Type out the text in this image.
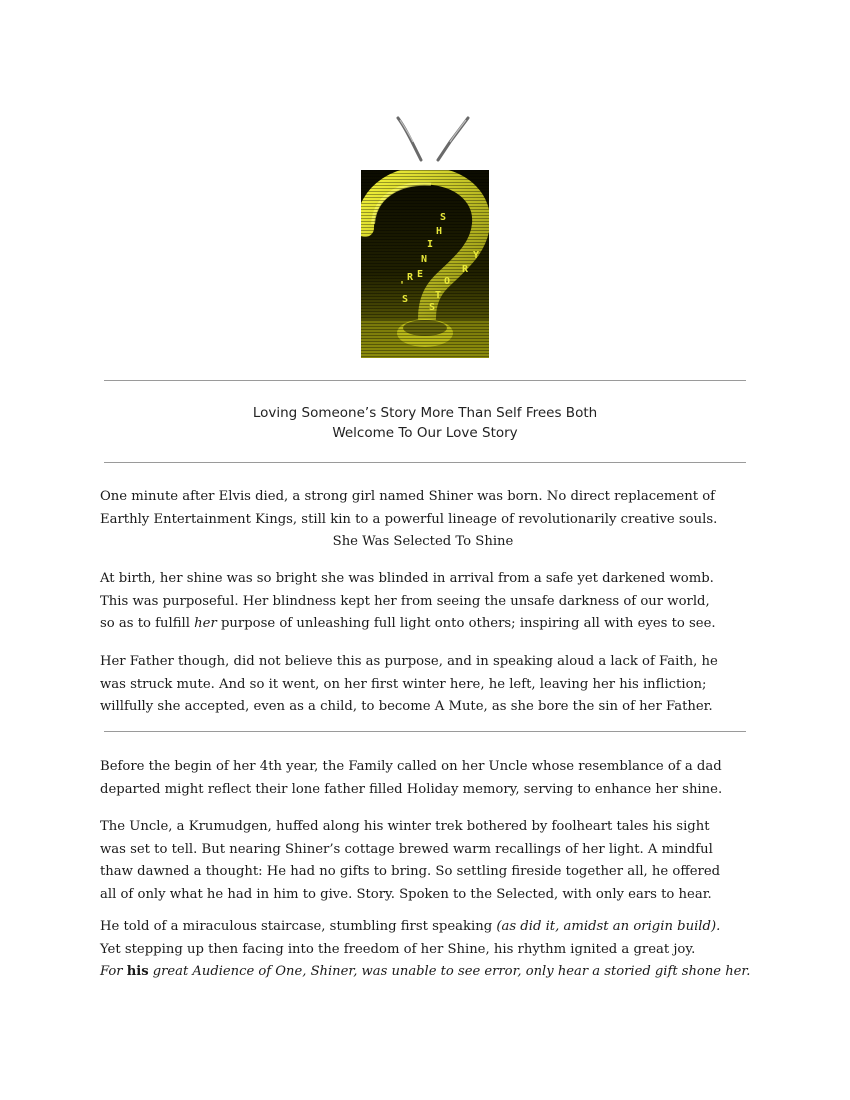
S
H
I
N
E
R
'
S
Y
R
O
T
S
Loving Someone’s Story More Than Self Frees Both
Welcome To Our Love Story
One minute after Elvis died, a strong girl named Shiner was born. No direct replacement of
Earthly Entertainment Kings, still kin to a powerful lineage of revolutionarily creative souls.
She Was Selected To Shine
At birth, her shine was so bright she was blinded in arrival from a safe yet darkened womb.
This was purposeful. Her blindness kept her from seeing the unsafe darkness of our world,
so as to fulfill her purpose of unleashing full light onto others; inspiring all with eyes to see.
Her Father though, did not believe this as purpose, and in speaking aloud a lack of Faith, he
was struck mute. And so it went, on her first winter here, he left, leaving her his infliction;
willfully she accepted, even as a child, to become A Mute, as she bore the sin of her Father.
Before the begin of her 4th year, the Family called on her Uncle whose resemblance of a dad
departed might reflect their lone father filled Holiday memory, serving to enhance her shine.
The Uncle, a Krumudgen, huffed along his winter trek bothered by foolheart tales his sight
was set to tell. But nearing Shiner’s cottage brewed warm recallings of her light. A mindful
thaw dawned a thought: He had no gifts to bring. So settling fireside together all, he offered
all of only what he had in him to give. Story. Spoken to the Selected, with only ears to hear.
He told of a miraculous staircase, stumbling first speaking (as did it, amidst an origin build).
Yet stepping up then facing into the freedom of her Shine, his rhythm ignited a great joy.
For his great Audience of One, Shiner, was unable to see error, only hear a storied gift shone her.
